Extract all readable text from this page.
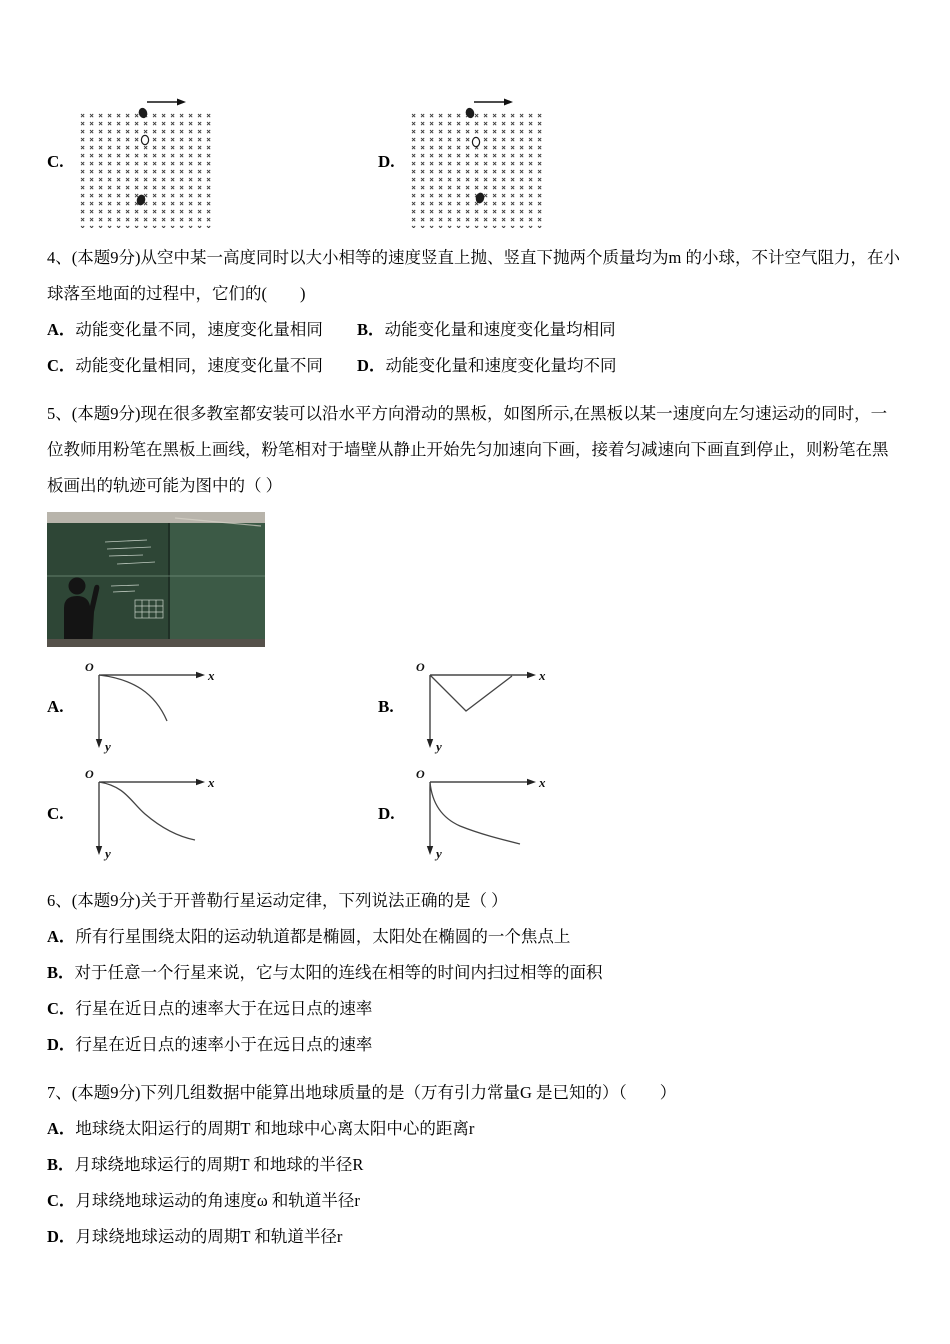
C.	D.

4、(本题9分)从空中某一高度同时以大小相等的速度竖直上抛、竖直下抛两个质量均为m 的小球，不计空气阻力，在小球落至地面的过程中，它们的(　　)

A．动能变化量不同，速度变化量相同 B．动能变化量和速度变化量均相同

C．动能变化量相同，速度变化量不同 D．动能变化量和速度变化量均不同

5、(本题9分)现在很多教室都安装可以沿水平方向滑动的黑板，如图所示,在黑板以某一速度向左匀速运动的同时，一位教师用粉笔在黑板上画线，粉笔相对于墙壁从静止开始先匀加速向下画，接着匀减速向下画直到停止，则粉笔在黑板画出的轨迹可能为图中的（ ）

A.
O
x
y
B.
O
x
y
C.
O
x
y
D.
O
x
y

6、(本题9分)关于开普勒行星运动定律，下列说法正确的是（ ）

A．所有行星围绕太阳的运动轨道都是椭圆，太阳处在椭圆的一个焦点上

B．对于任意一个行星来说，它与太阳的连线在相等的时间内扫过相等的面积

C．行星在近日点的速率大于在远日点的速率

D．行星在近日点的速率小于在远日点的速率

7、(本题9分)下列几组数据中能算出地球质量的是（万有引力常量G 是已知的）（　　）

A．地球绕太阳运行的周期T 和地球中心离太阳中心的距离r

B．月球绕地球运行的周期T 和地球的半径R

C．月球绕地球运动的角速度ω 和轨道半径r

D．月球绕地球运动的周期T 和轨道半径r
